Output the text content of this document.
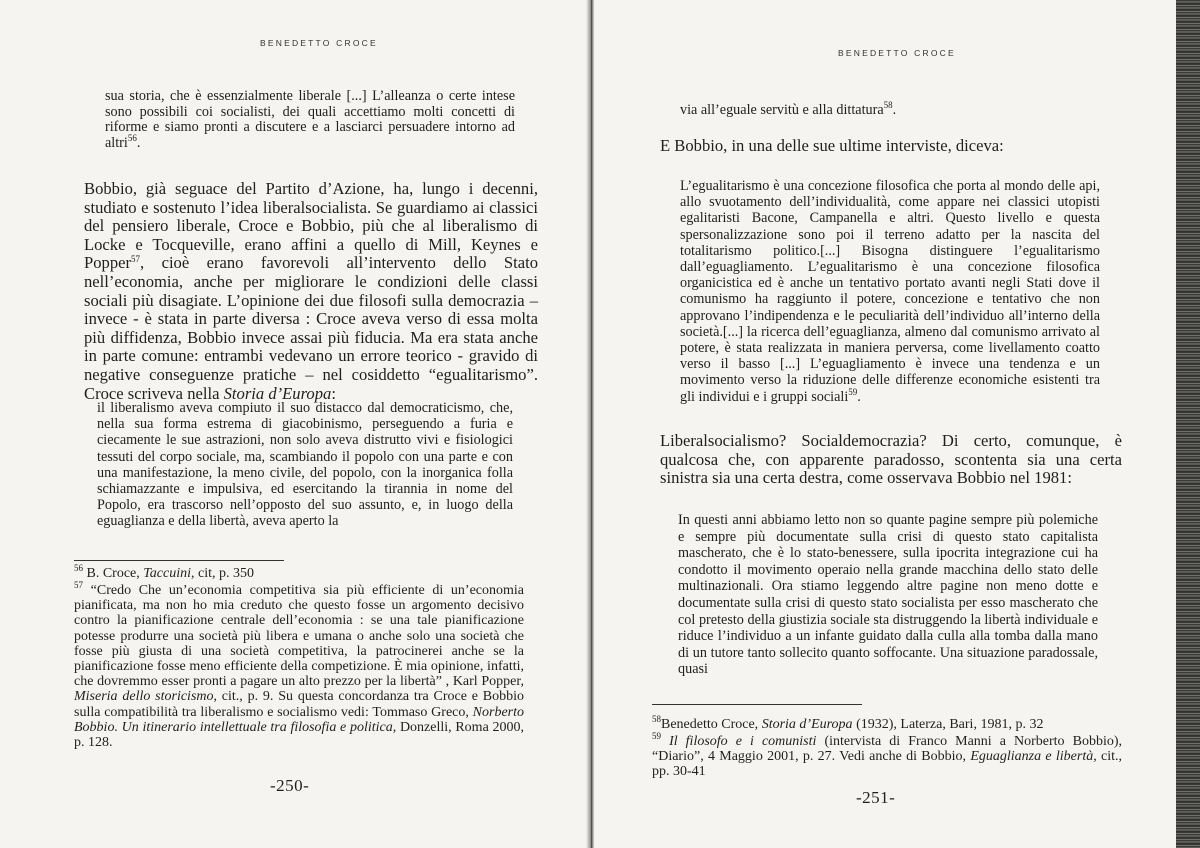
BENEDETTO CROCE
sua storia, che è essenzialmente liberale [...] L’alleanza o certe intese sono possibili coi socialisti, dei quali accettiamo molti concetti di riforme e siamo pronti a discutere e a lasciarci persuadere intorno ad altri$^{56}$.
Bobbio, già seguace del Partito d’Azione, ha, lungo i decenni, studiato e sostenuto l’idea liberalsocialista. Se guardiamo ai classici del pensiero liberale, Croce e Bobbio, più che al liberalismo di Locke e Tocqueville, erano affini a quello di Mill, Keynes e Popper$^{57}$, cioè erano favorevoli all’intervento dello Stato nell’economia, anche per migliorare le condizioni delle classi sociali più disagiate. L’opinione dei due filosofi sulla democrazia – invece - è stata in parte diversa : Croce aveva verso di essa molta più diffidenza, Bobbio invece assai più fiducia. Ma era stata anche in parte comune: entrambi vedevano un errore teorico - gravido di negative conseguenze pratiche – nel cosiddetto “egualitarismo”. Croce scriveva nella Storia d’Europa:
il liberalismo aveva compiuto il suo distacco dal democraticismo, che, nella sua forma estrema di giacobinismo, perseguendo a furia e ciecamente le sue astrazioni, non solo aveva distrutto vivi e fisiologici tessuti del corpo sociale, ma, scambiando il popolo con una parte e con una manifestazione, la meno civile, del popolo, con la inorganica folla schiamazzante e impulsiva, ed esercitando la tirannia in nome del Popolo, era trascorso nell’opposto del suo assunto, e, in luogo della eguaglianza e della libertà, aveva aperto la
$^{56}$ B. Croce, Taccuini, cit, p. 350
$^{57}$ “Credo Che un’economia competitiva sia più efficiente di un’economia pianificata, ma non ho mia creduto che questo fosse un argomento decisivo contro la pianificazione centrale dell’economia : se una tale pianificazione potesse produrre una società più libera e umana o anche solo una società che fosse più giusta di una società competitiva, la patrocinerei anche se la pianificazione fosse meno efficiente della competizione. È mia opinione, infatti, che dovremmo esser pronti a pagare un alto prezzo per la libertà” , Karl Popper, Miseria dello storicismo, cit., p. 9. Su questa concordanza tra Croce e Bobbio sulla compatibilità tra liberalismo e socialismo vedi: Tommaso Greco, Norberto Bobbio. Un itinerario intellettuale tra filosofia e politica, Donzelli, Roma 2000, p. 128.
-250-
BENEDETTO CROCE
via all’eguale servitù e alla dittatura$^{58}$.
E Bobbio, in una delle sue ultime interviste, diceva:
L’egualitarismo è una concezione filosofica che porta al mondo delle api, allo svuotamento dell’individualità, come appare nei classici utopisti egalitaristi Bacone, Campanella e altri. Questo livello e questa spersonalizzazione sono poi il terreno adatto per la nascita del totalitarismo politico.[...] Bisogna distinguere l’egualitarismo dall’eguagliamento. L’egualitarismo è una concezione filosofica organicistica ed è anche un tentativo portato avanti negli Stati dove il comunismo ha raggiunto il potere, concezione e tentativo che non approvano l’indipendenza e le peculiarità dell’individuo all’interno della società.[...] la ricerca dell’eguaglianza, almeno dal comunismo arrivato al potere, è stata realizzata in maniera perversa, come livellamento coatto verso il basso [...] L’eguagliamento è invece una tendenza e un movimento verso la riduzione delle differenze economiche esistenti tra gli individui e i gruppi sociali$^{59}$.
Liberalsocialismo? Socialdemocrazia? Di certo, comunque, è qualcosa che, con apparente paradosso, scontenta sia una certa sinistra sia una certa destra, come osservava Bobbio nel 1981:
In questi anni abbiamo letto non so quante pagine sempre più polemiche e sempre più documentate sulla crisi di questo stato capitalista mascherato, che è lo stato-benessere, sulla ipocrita integrazione cui ha condotto il movimento operaio nella grande macchina dello stato delle multinazionali. Ora stiamo leggendo altre pagine non meno dotte e documentate sulla crisi di questo stato socialista per esso mascherato che col pretesto della giustizia sociale sta distruggendo la libertà individuale e riduce l’individuo a un infante guidato dalla culla alla tomba dalla mano di un tutore tanto sollecito quanto soffocante. Una situazione paradossale, quasi
$^{58}$Benedetto Croce, Storia d’Europa (1932), Laterza, Bari, 1981, p. 32
$^{59}$ Il filosofo e i comunisti (intervista di Franco Manni a Norberto Bobbio), “Diario”, 4 Maggio 2001, p. 27. Vedi anche di Bobbio, Eguaglianza e libertà, cit., pp. 30-41
-251-
